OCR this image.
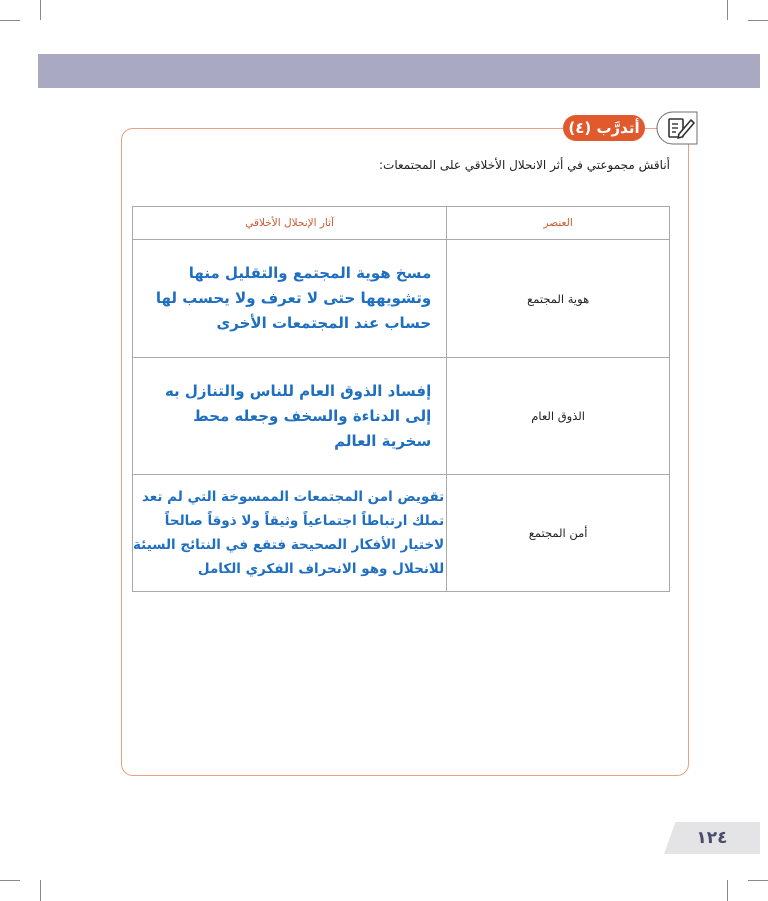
أتدرَّب (٤)
أناقش مجموعتي في أثر الانحلال الأخلاقي على المجتمعات:
العنصر	آثار الإنحلال الأخلاقي
هوية المجتمع	مسخ هوية المجتمع والتقليل منها
وتشويهها حتى لا تعرف ولا يحسب لها
حساب عند المجتمعات الأخرى

الذوق العام	إفساد الذوق العام للناس والتنازل به
إلى الدناءة والسخف وجعله محط
سخرية العالم

أمن المجتمع	تقويض امن المجتمعات الممسوخة التي لم تعد
تملك ارتباطاً اجتماعياً وثيقاً ولا ذوقاً صالحاً
لاختيار الأفكار الصحيحة فتقع في النتائج السيئة
للانحلال وهو الانحراف الفكري الكامل
١٢٤
